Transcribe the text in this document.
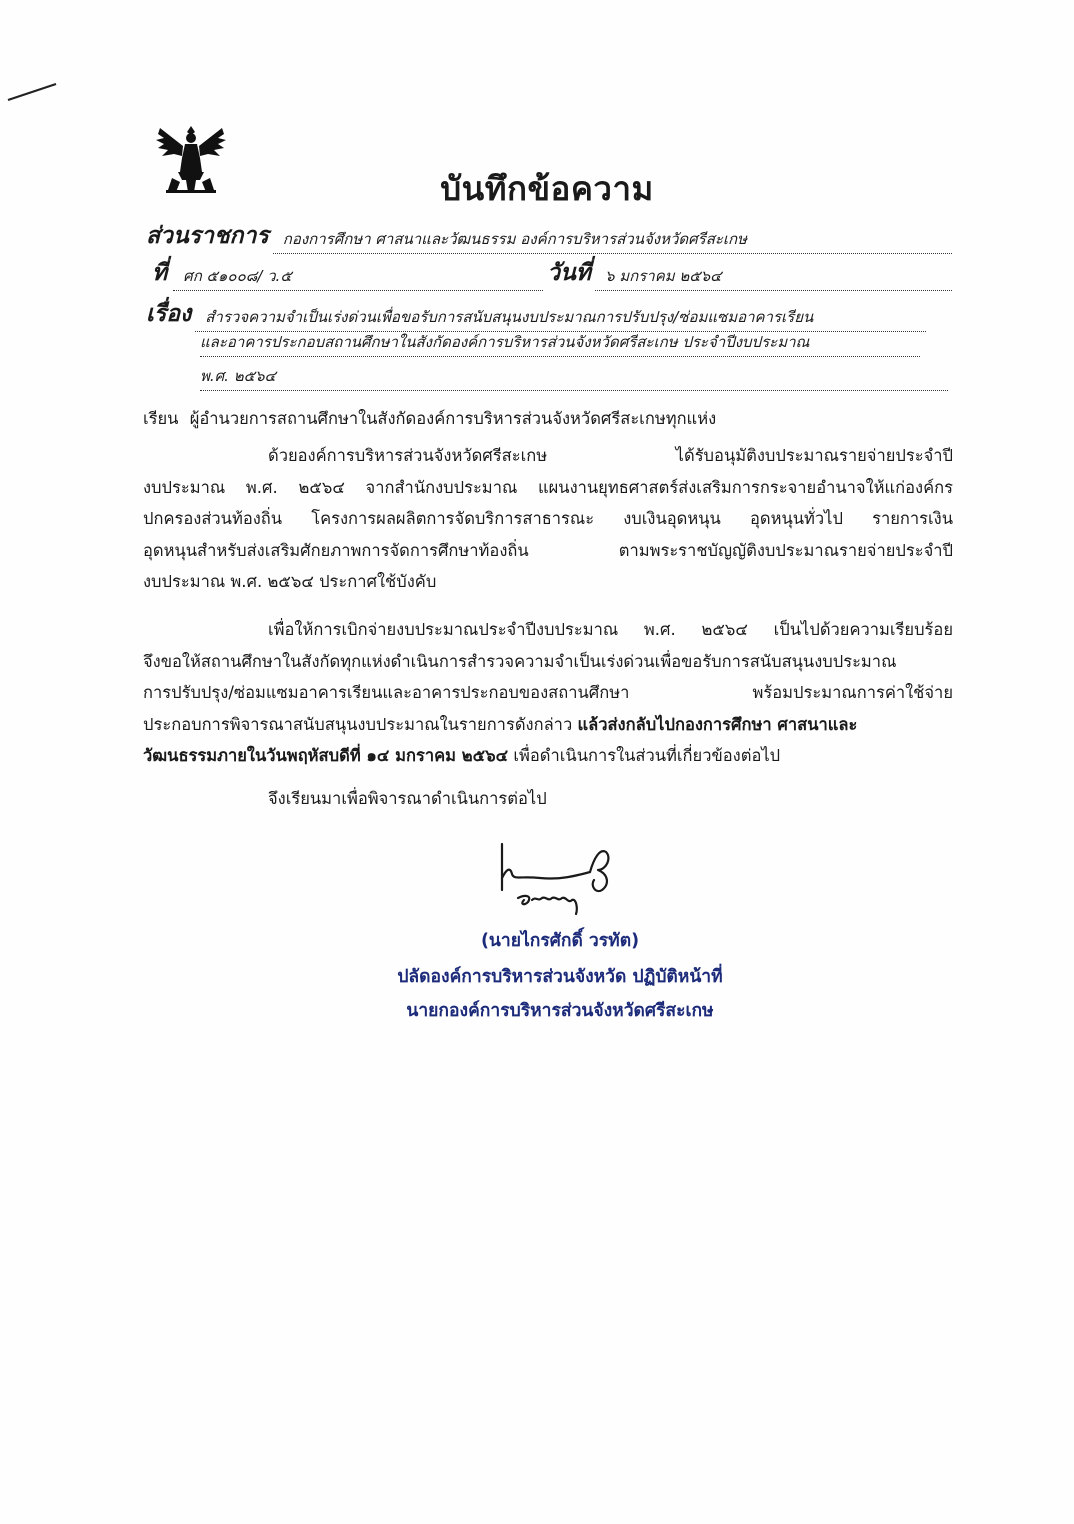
บันทึกข้อความ
ส่วนราชการ กองการศึกษา ศาสนาและวัฒนธรรม องค์การบริหารส่วนจังหวัดศรีสะเกษ
ที่	ศก ๕๑๐๐๘/ ว.๕	วันที่ ๖ มกราคม ๒๕๖๔
เรื่อง สำรวจความจำเป็นเร่งด่วนเพื่อขอรับการสนับสนุนงบประมาณการปรับปรุง/ซ่อมแซมอาคารเรียน
และอาคารประกอบสถานศึกษาในสังกัดองค์การบริหารส่วนจังหวัดศรีสะเกษ ประจำปีงบประมาณ
พ.ศ. ๒๕๖๔
เรียน ผู้อำนวยการสถานศึกษาในสังกัดองค์การบริหารส่วนจังหวัดศรีสะเกษทุกแห่ง
ด้วยองค์การบริหารส่วนจังหวัดศรีสะเกษ ได้รับอนุมัติงบประมาณรายจ่ายประจำปี
งบประมาณ พ.ศ. ๒๕๖๔ จากสำนักงบประมาณ แผนงานยุทธศาสตร์ส่งเสริมการกระจายอำนาจให้แก่องค์กร
ปกครองส่วนท้องถิ่น โครงการผลผลิตการจัดบริการสาธารณะ งบเงินอุดหนุน อุดหนุนทั่วไป รายการเงิน
อุดหนุนสำหรับส่งเสริมศักยภาพการจัดการศึกษาท้องถิ่น ตามพระราชบัญญัติงบประมาณรายจ่ายประจำปี
งบประมาณ พ.ศ. ๒๕๖๔ ประกาศใช้บังคับ
เพื่อให้การเบิกจ่ายงบประมาณประจำปีงบประมาณ พ.ศ. ๒๕๖๔ เป็นไปด้วยความเรียบร้อย
จึงขอให้สถานศึกษาในสังกัดทุกแห่งดำเนินการสำรวจความจำเป็นเร่งด่วนเพื่อขอรับการสนับสนุนงบประมาณ
การปรับปรุง/ซ่อมแซมอาคารเรียนและอาคารประกอบของสถานศึกษา พร้อมประมาณการค่าใช้จ่าย
ประกอบการพิจารณาสนับสนุนงบประมาณในรายการดังกล่าว แล้วส่งกลับไปกองการศึกษา ศาสนาและ
วัฒนธรรมภายในวันพฤหัสบดีที่ ๑๔ มกราคม ๒๕๖๔ เพื่อดำเนินการในส่วนที่เกี่ยวข้องต่อไป
จึงเรียนมาเพื่อพิจารณาดำเนินการต่อไป
(นายไกรศักดิ์ วรทัต)
ปลัดองค์การบริหารส่วนจังหวัด ปฏิบัติหน้าที่
นายกองค์การบริหารส่วนจังหวัดศรีสะเกษ
